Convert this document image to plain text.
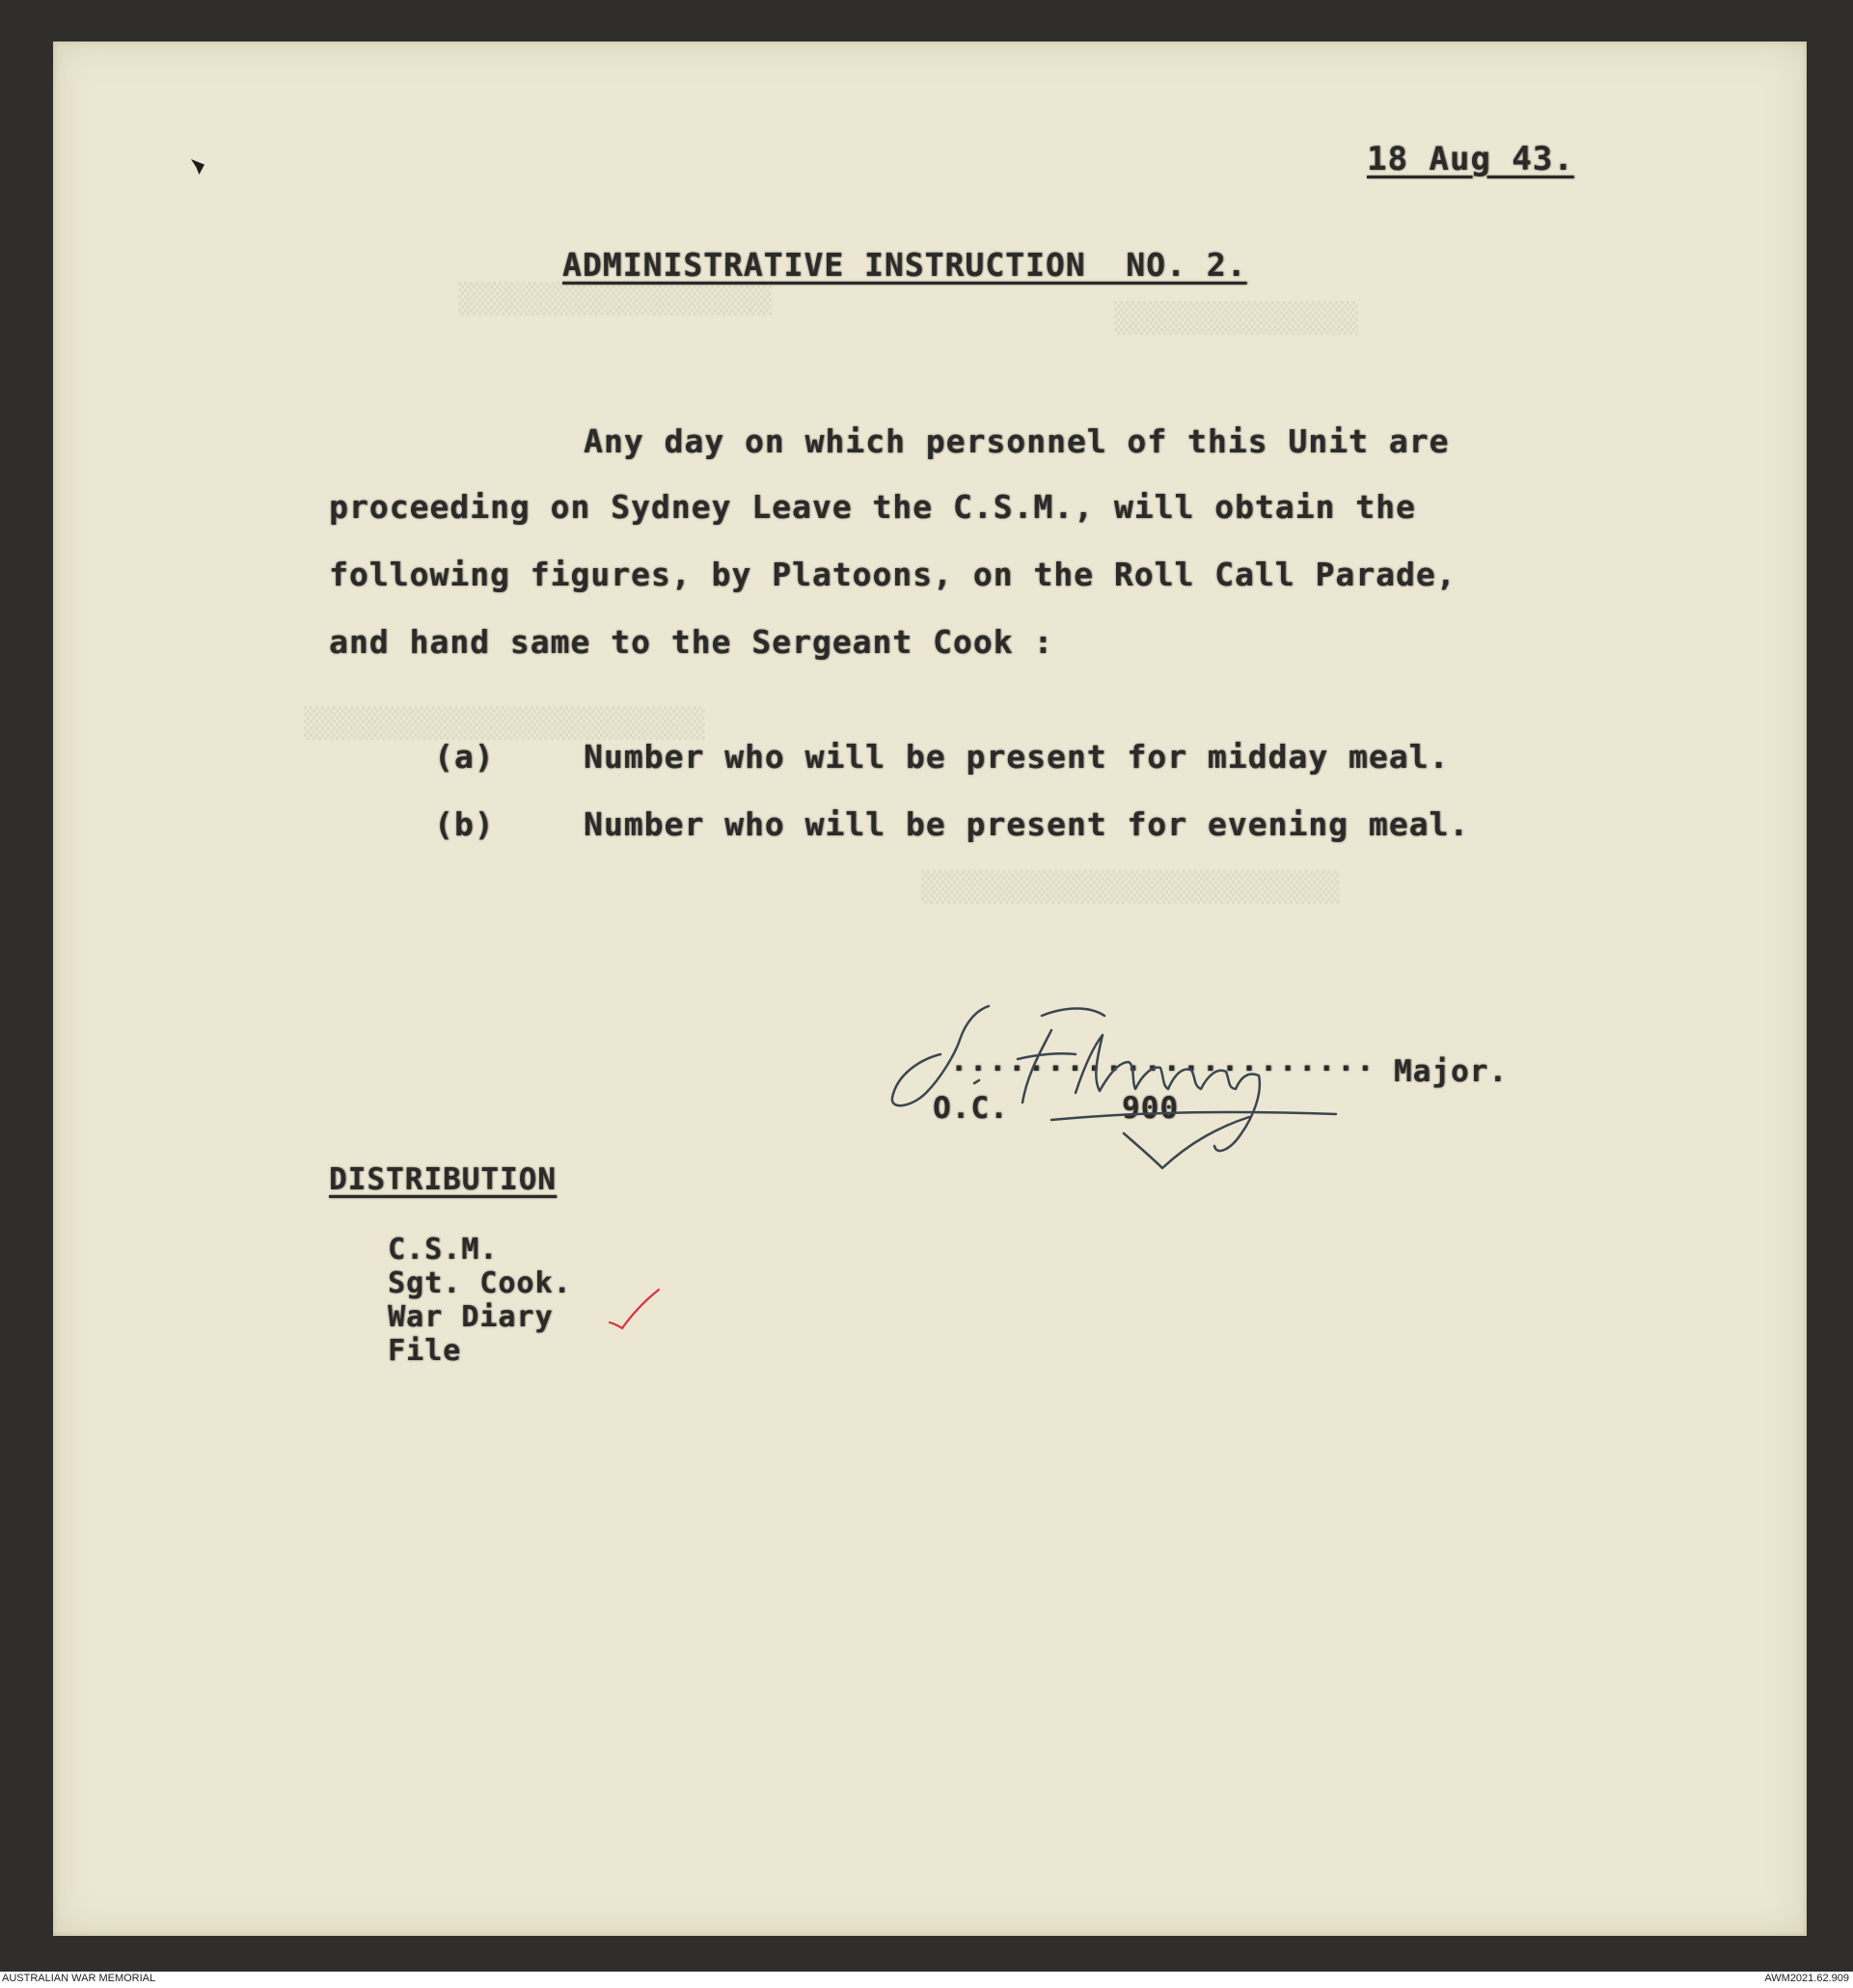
▒▒▒▒▒▒▒▒▒▒▒▒▒▒▒▒▒▒
▒▒▒▒▒▒▒▒▒▒▒▒▒▒
▒▒▒▒▒▒▒▒▒▒▒▒▒▒▒▒▒▒▒▒▒▒▒
▒▒▒▒▒▒▒▒▒▒▒▒▒▒▒▒▒▒▒▒▒▒▒▒
18 Aug 43.
ADMINISTRATIVE INSTRUCTION  NO. 2.
Any day on which personnel of this Unit are
proceeding on Sydney Leave the C.S.M., will obtain the
following figures, by Platoons, on the Roll Call Parade,
and hand same to the Sergeant Cook :
(a)	Number who will be present for midday meal.
(b)	Number who will be present for evening meal.
...................... Major.
O.C.	900
DISTRIBUTION
C.S.M.
Sgt. Cook.
War Diary
File
AUSTRALIAN WAR MEMORIAL	AWM2021.62.909
